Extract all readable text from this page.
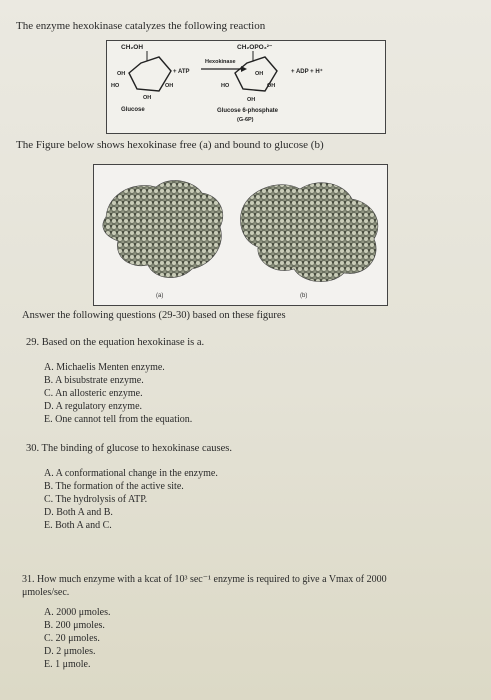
The enzyme hexokinase catalyzes the following reaction
CH₂OH
OH
HO	OH
OH
Glucose
+ ATP
Hexokinase
CH₂OPO₃²⁻
OH
HO	OH
OH
+ ADP + H⁺
Glucose 6-phosphate
(G-6P)
The Figure below shows hexokinase free (a) and bound to glucose (b)
(a)	(b)
Answer the following questions (29-30) based on these figures
29. Based on the equation hexokinase is a.
A. Michaelis Menten enzyme.
B. A bisubstrate enzyme.
C. An allosteric enzyme.
D. A regulatory enzyme.
E. One cannot tell from the equation.
30. The binding of glucose to hexokinase causes.
A. A conformational change in the enzyme.
B. The formation of the active site.
C. The hydrolysis of ATP.
D. Both A and B.
E. Both A and C.
31. How much enzyme with a kcat of 10³ sec⁻¹ enzyme is required to give a Vmax of 2000
μmoles/sec.
A. 2000 μmoles.
B. 200 μmoles.
C. 20 μmoles.
D. 2 μmoles.
E. 1 μmole.
